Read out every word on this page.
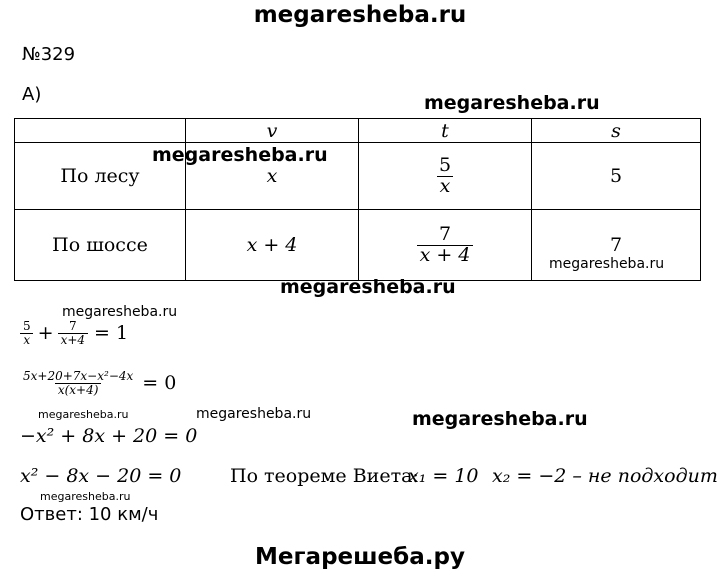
megaresheba.ru
№329
А)	megaresheba.ru
	v	t	s
По лесу	x	$\frac{5}{x}$	5
По шоссе	x + 4	$\frac{7}{x + 4}$	7
megaresheba.ru
megaresheba.ru
megaresheba.ru
megaresheba.ru
$\frac{5}{x} + \frac{7}{x+4} = 1$
$\frac{\text{5x+20+7x−x²−4x}}{x(x+4)} = 0$
megaresheba.ru	megaresheba.ru	megaresheba.ru
−x² + 8x + 20 = 0
x² − 8x − 20 = 0	По теореме Виета:
x₁ = 10 x₂ = −2 – не подходит
megaresheba.ru
Ответ: 10 км/ч
Мегарешеба.ру
